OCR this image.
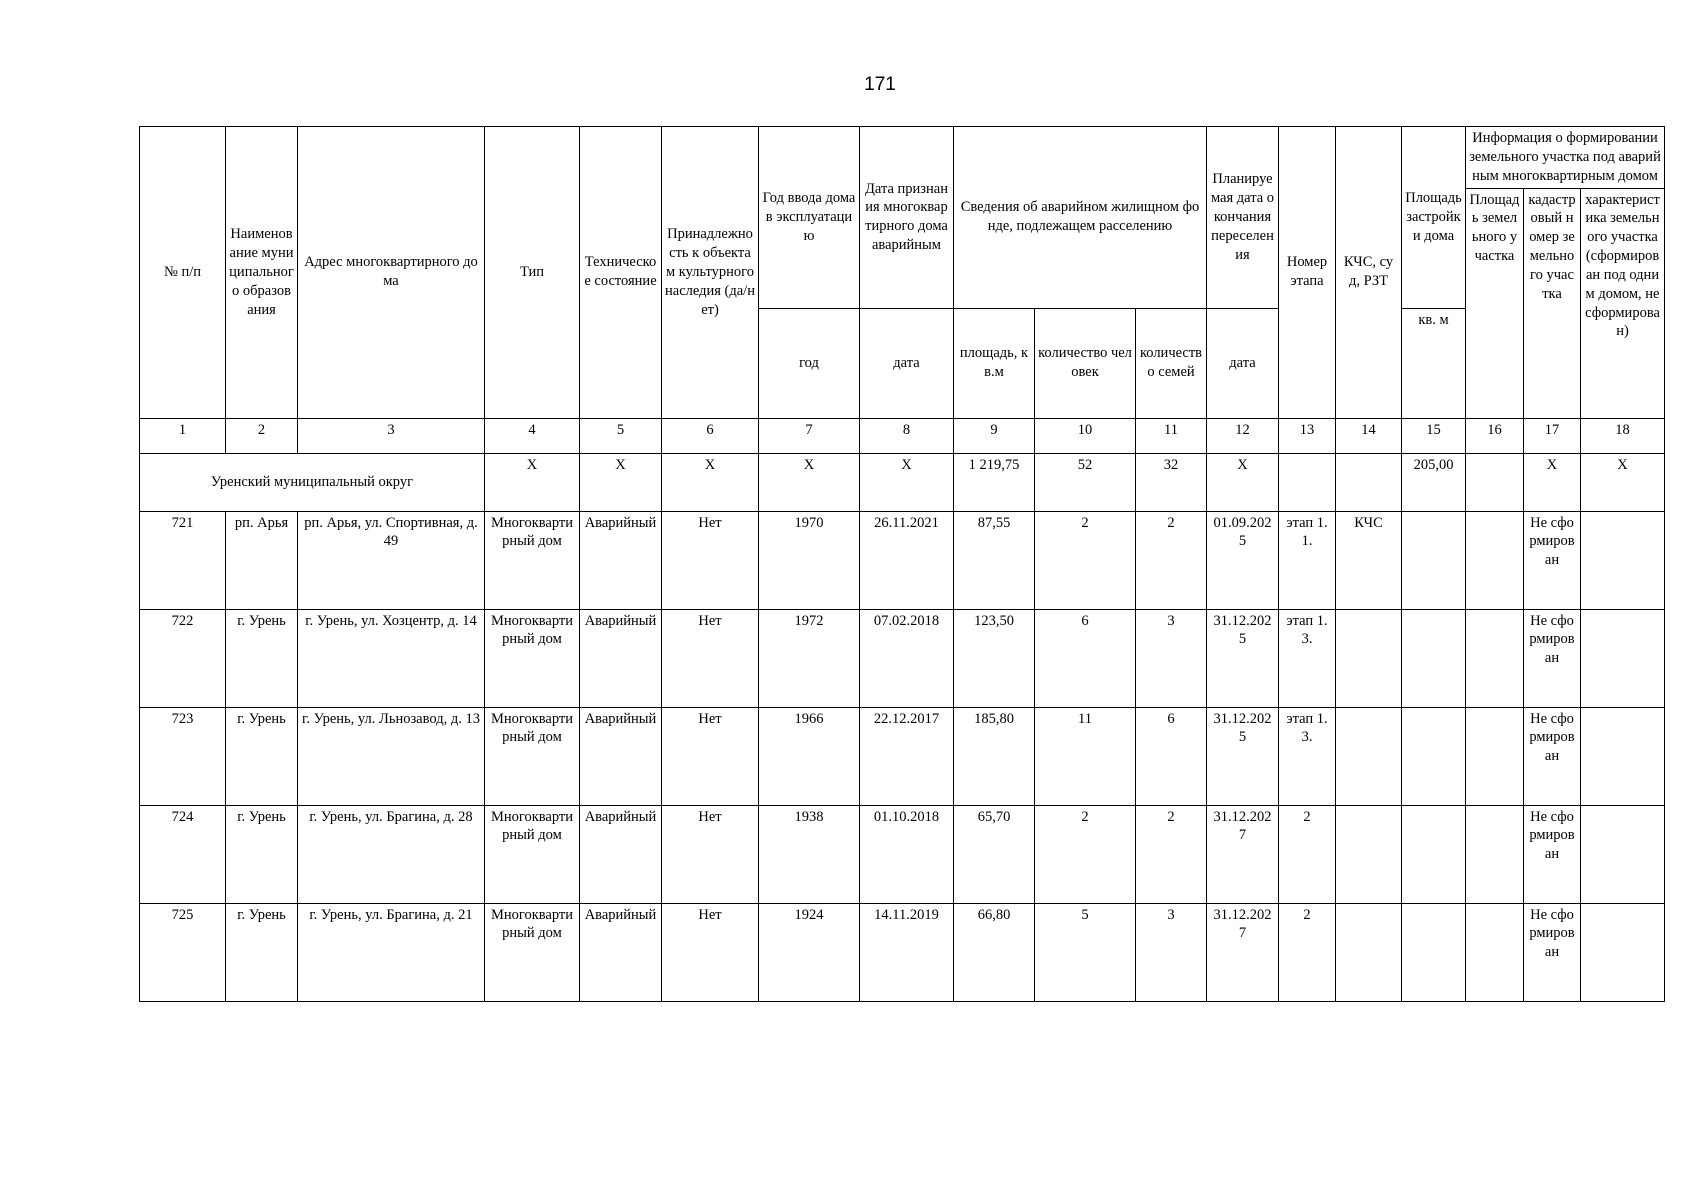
171
№ п/п	Наименование муниципального образования	Адрес многоквартирного дома	Тип	Техническое состояние	Принадлежность к объектам культурного наследия (да/нет)	Год ввода дома в эксплуатацию	Дата признания многоквартирного дома аварийным	Сведения об аварийном жилищном фонде, подлежащем расселению			Планируемая дата окончания переселения	Номер этапа	КЧС, суд, РЗТ	Площадь застройки дома	Информация о формировании земельного участка под аварийным многоквартирным домом		
															Площадь земельного участка	кадастровый номер земельного участка	характеристика земельного участка (сформирован под одним домом, не сформирован)
						год	дата	площадь, кв.м	количество человек	количество семей	дата			кв. м			
1	2	3	4	5	6	7	8	9	10	11	12	13	14	15	16	17	18
Уренский муниципальный округ			X	X	X	X	X	1 219,75	52	32	X			205,00		X	X
721	рп. Арья	рп. Арья, ул. Спортивная, д. 49	Многоквартирный дом	Аварийный	Нет	1970	26.11.2021	87,55	2	2	01.09.2025	этап 1.1.	КЧС			Не сформирован	
722	г. Урень	г. Урень, ул. Хозцентр, д. 14	Многоквартирный дом	Аварийный	Нет	1972	07.02.2018	123,50	6	3	31.12.2025	этап 1.3.				Не сформирован	
723	г. Урень	г. Урень, ул. Льнозавод, д. 13	Многоквартирный дом	Аварийный	Нет	1966	22.12.2017	185,80	11	6	31.12.2025	этап 1.3.				Не сформирован	
724	г. Урень	г. Урень, ул. Брагина, д. 28	Многоквартирный дом	Аварийный	Нет	1938	01.10.2018	65,70	2	2	31.12.2027	2				Не сформирован	
725	г. Урень	г. Урень, ул. Брагина, д. 21	Многоквартирный дом	Аварийный	Нет	1924	14.11.2019	66,80	5	3	31.12.2027	2				Не сформирован	
